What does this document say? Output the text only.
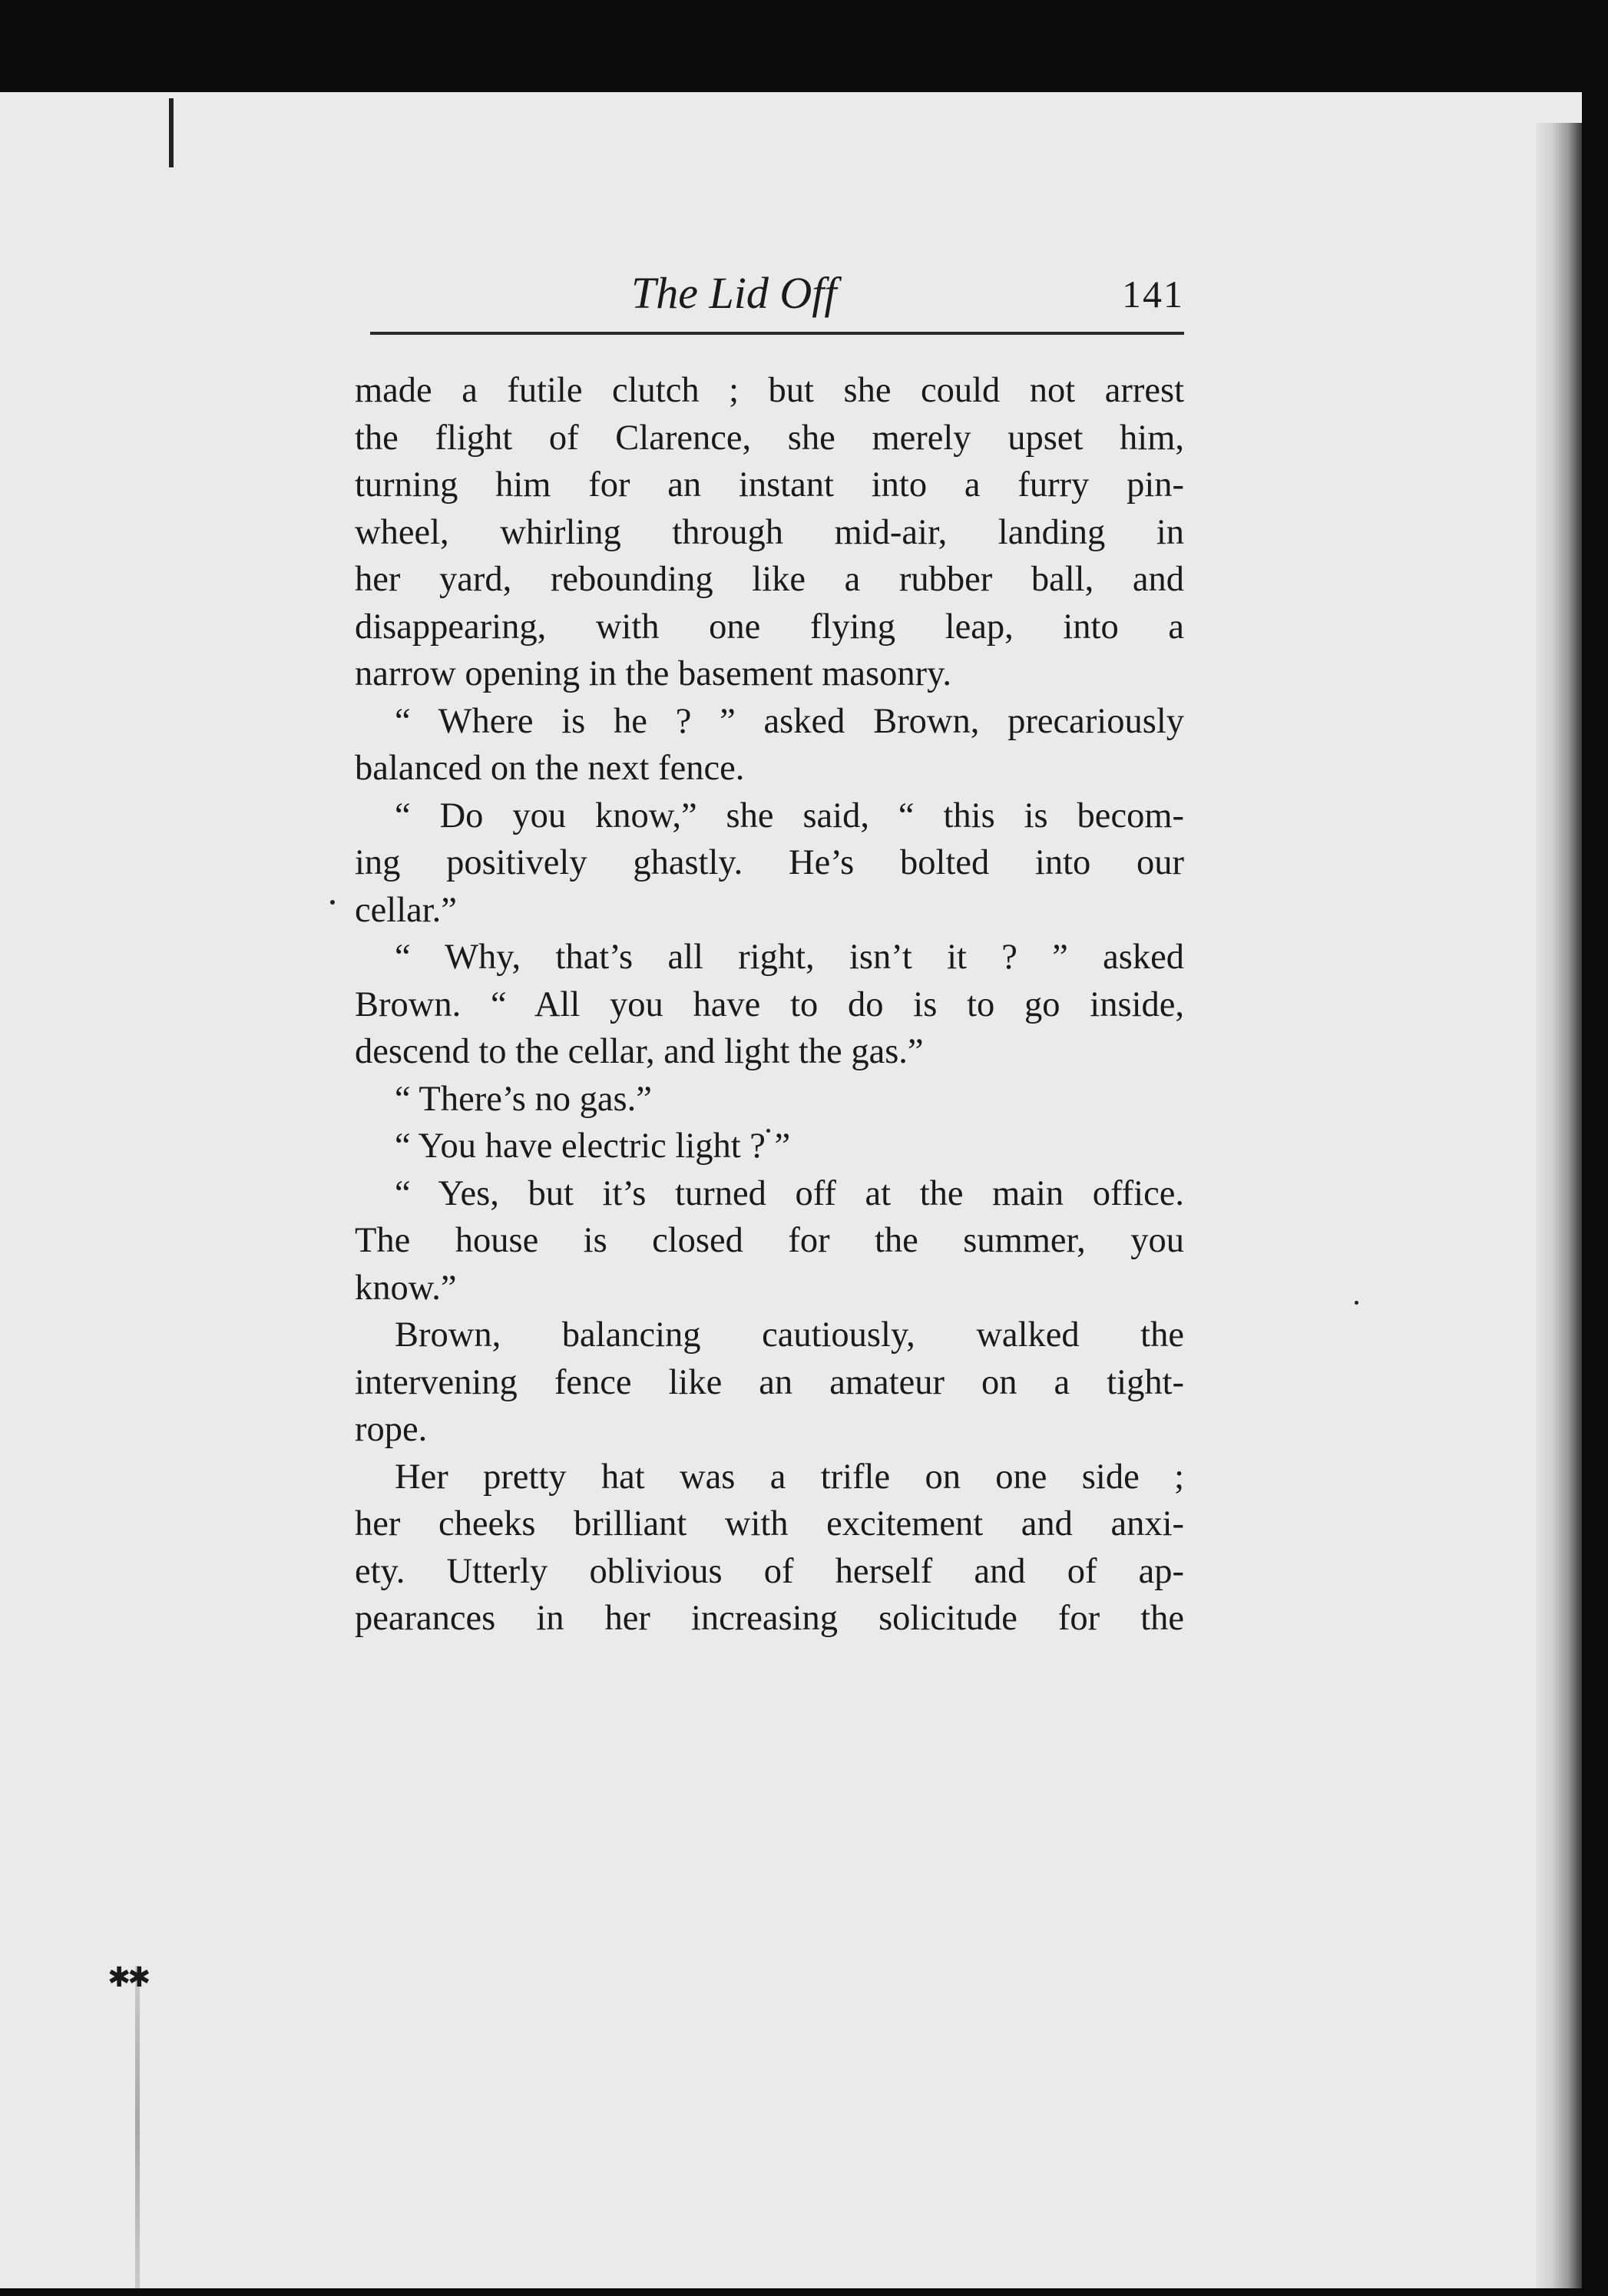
✱✱
The Lid Off	141
made a futile clutch ; but she could not arrest
the flight of Clarence, she merely upset him,
turning him for an instant into a furry pin-
wheel, whirling through mid-air, landing in
her yard, rebounding like a rubber ball, and
disappearing, with one flying leap, into a
narrow opening in the basement masonry.
“ Where is he ? ” asked Brown, precariously
balanced on the next fence.
“ Do you know,” she said, “ this is becom-
ing positively ghastly. He’s bolted into our
cellar.”
“ Why, that’s all right, isn’t it ? ” asked
Brown. “ All you have to do is to go inside,
descend to the cellar, and light the gas.”
“ There’s no gas.”
“ You have electric light ? ”
“ Yes, but it’s turned off at the main office.
The house is closed for the summer, you
know.”
Brown, balancing cautiously, walked the
intervening fence like an amateur on a tight-
rope.
Her pretty hat was a trifle on one side ;
her cheeks brilliant with excitement and anxi-
ety. Utterly oblivious of herself and of ap-
pearances in her increasing solicitude for the
